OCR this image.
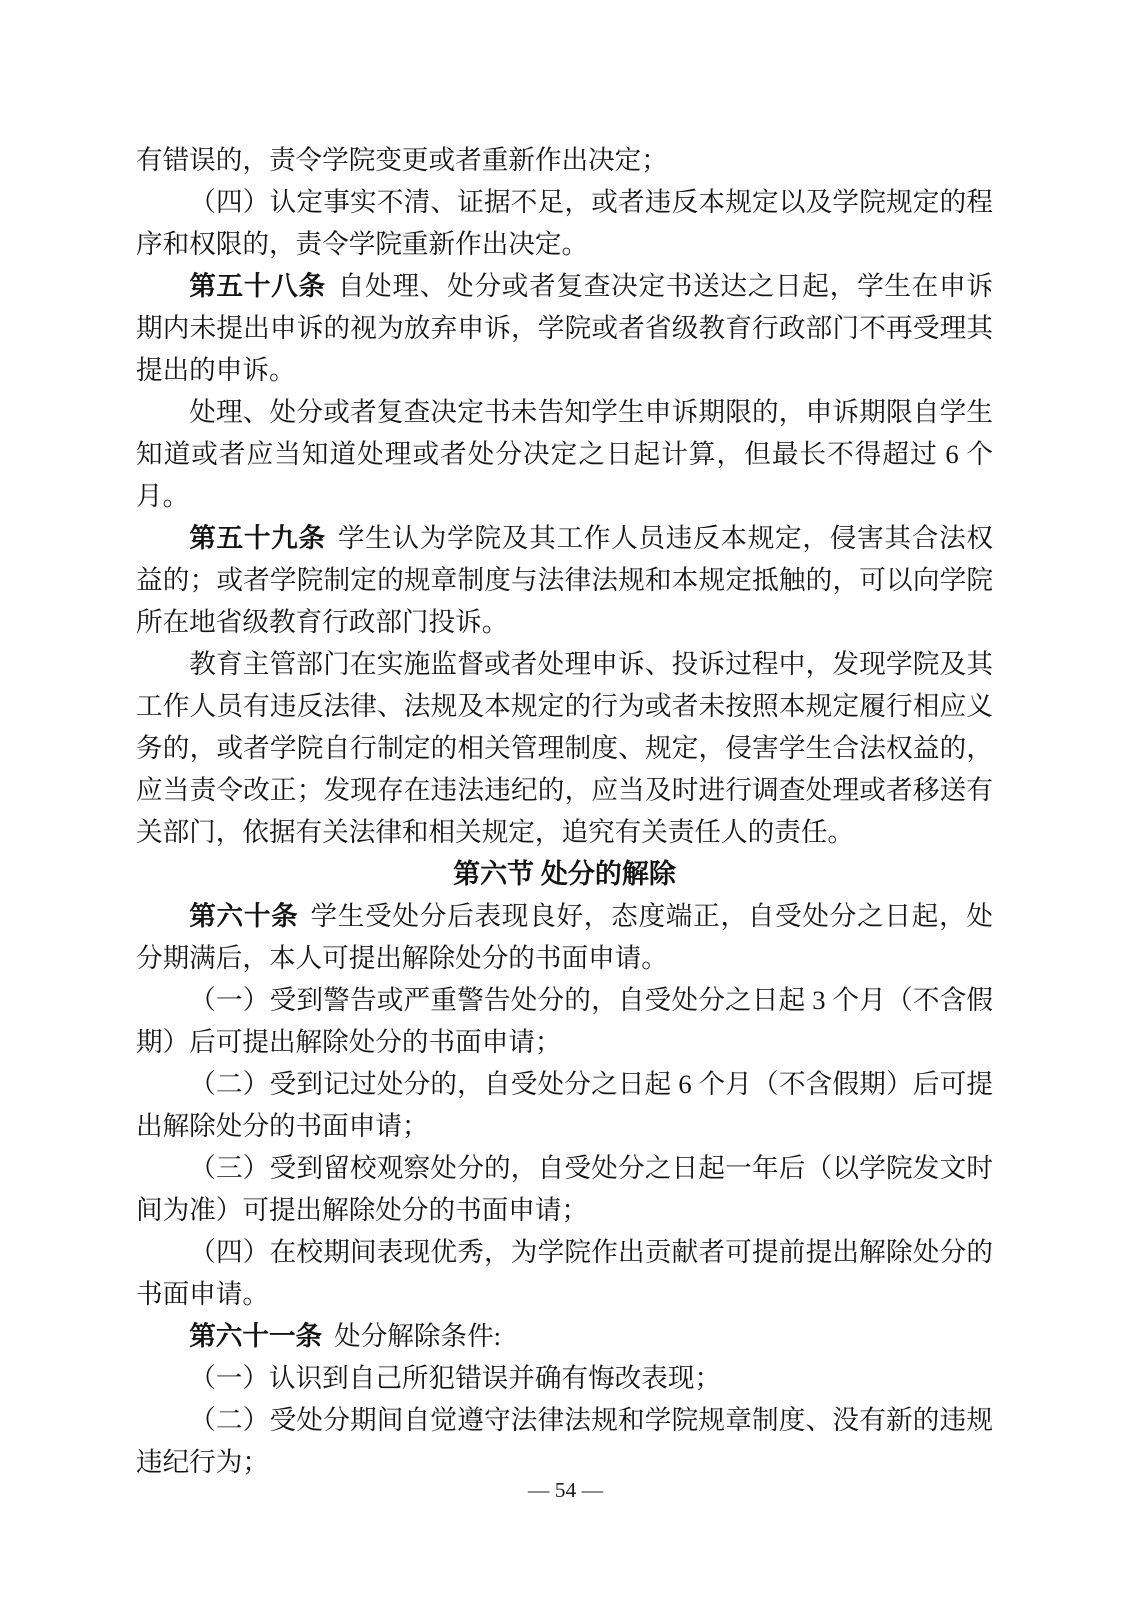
有错误的，责令学院变更或者重新作出决定；

（四）认定事实不清、证据不足，或者违反本规定以及学院规定的程序和权限的，责令学院重新作出决定。

第五十八条 自处理、处分或者复查决定书送达之日起，学生在申诉期内未提出申诉的视为放弃申诉，学院或者省级教育行政部门不再受理其提出的申诉。

处理、处分或者复查决定书未告知学生申诉期限的，申诉期限自学生知道或者应当知道处理或者处分决定之日起计算，但最长不得超过 6 个月。

第五十九条 学生认为学院及其工作人员违反本规定，侵害其合法权益的；或者学院制定的规章制度与法律法规和本规定抵触的，可以向学院所在地省级教育行政部门投诉。

教育主管部门在实施监督或者处理申诉、投诉过程中，发现学院及其工作人员有违反法律、法规及本规定的行为或者未按照本规定履行相应义务的，或者学院自行制定的相关管理制度、规定，侵害学生合法权益的，应当责令改正；发现存在违法违纪的，应当及时进行调查处理或者移送有关部门，依据有关法律和相关规定，追究有关责任人的责任。

第六节 处分的解除

第六十条 学生受处分后表现良好，态度端正，自受处分之日起，处分期满后，本人可提出解除处分的书面申请。

（一）受到警告或严重警告处分的，自受处分之日起 3 个月（不含假期）后可提出解除处分的书面申请；

（二）受到记过处分的，自受处分之日起 6 个月（不含假期）后可提出解除处分的书面申请；

（三）受到留校观察处分的，自受处分之日起一年后（以学院发文时间为准）可提出解除处分的书面申请；

（四）在校期间表现优秀，为学院作出贡献者可提前提出解除处分的书面申请。

第六十一条 处分解除条件:

（一）认识到自己所犯错误并确有悔改表现；

（二）受处分期间自觉遵守法律法规和学院规章制度、没有新的违规违纪行为；

— 54 —
